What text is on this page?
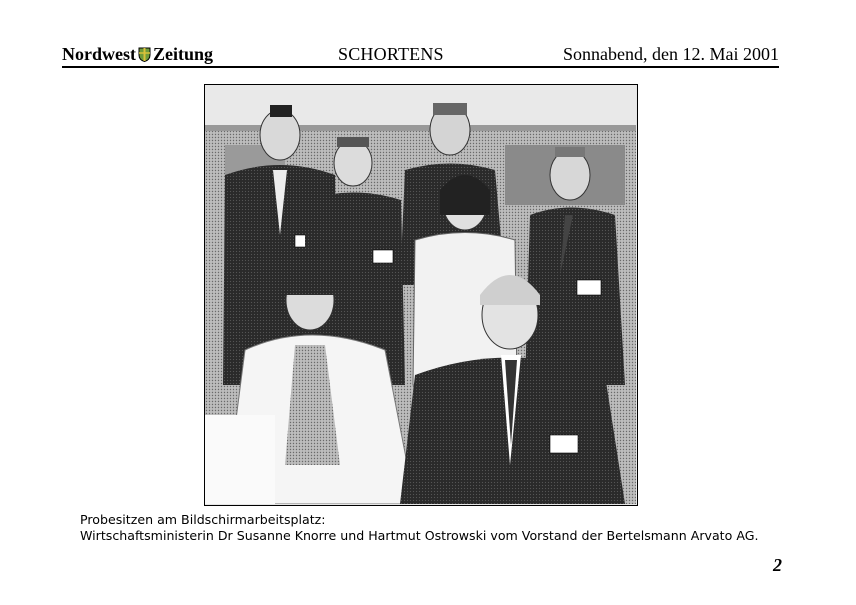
Nordwest Zeitung	SCHORTENS	Sonnabend, den 12. Mai 2001
Probesitzen am Bildschirmarbeitsplatz:
Wirtschaftsministerin Dr Susanne Knorre und Hartmut Ostrowski vom Vorstand der Bertelsmann Arvato AG.
2
